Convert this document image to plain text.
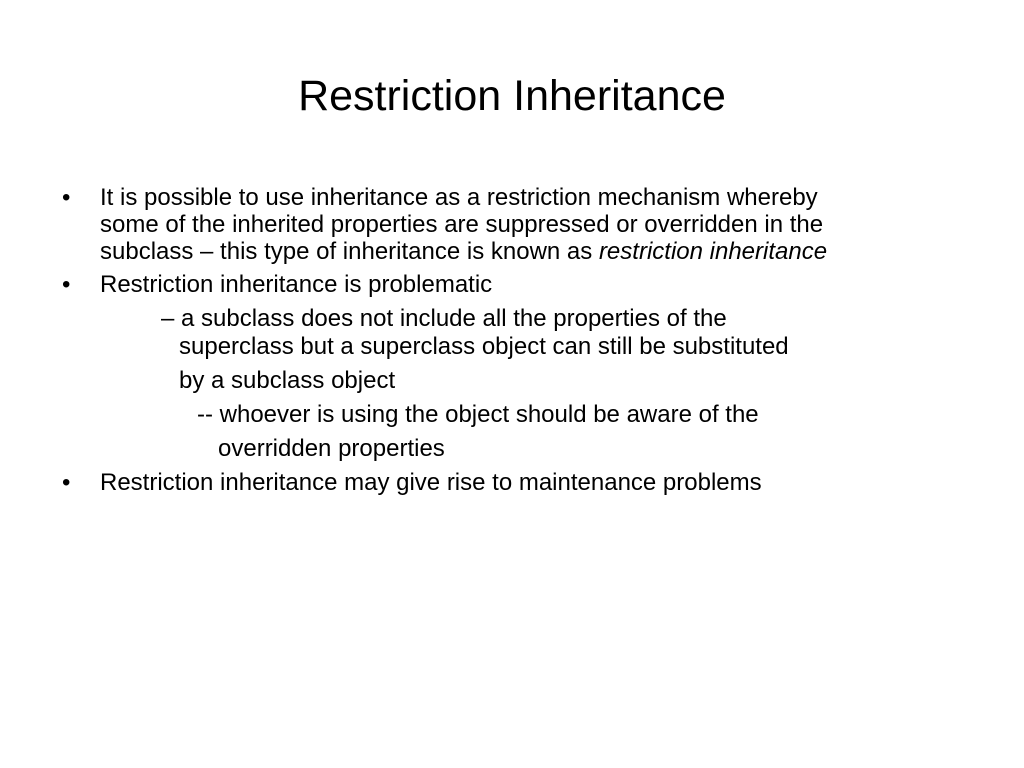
Restriction Inheritance
• It is possible to use inheritance as a restriction mechanism whereby
some of the inherited properties are suppressed or overridden in the
subclass – this type of inheritance is known as restriction inheritance
• Restriction inheritance is problematic
– a subclass does not include all the properties of the
superclass but a superclass object can still be substituted
by a subclass object
-- whoever is using the object should be aware of the
overridden properties
• Restriction inheritance may give rise to maintenance problems
